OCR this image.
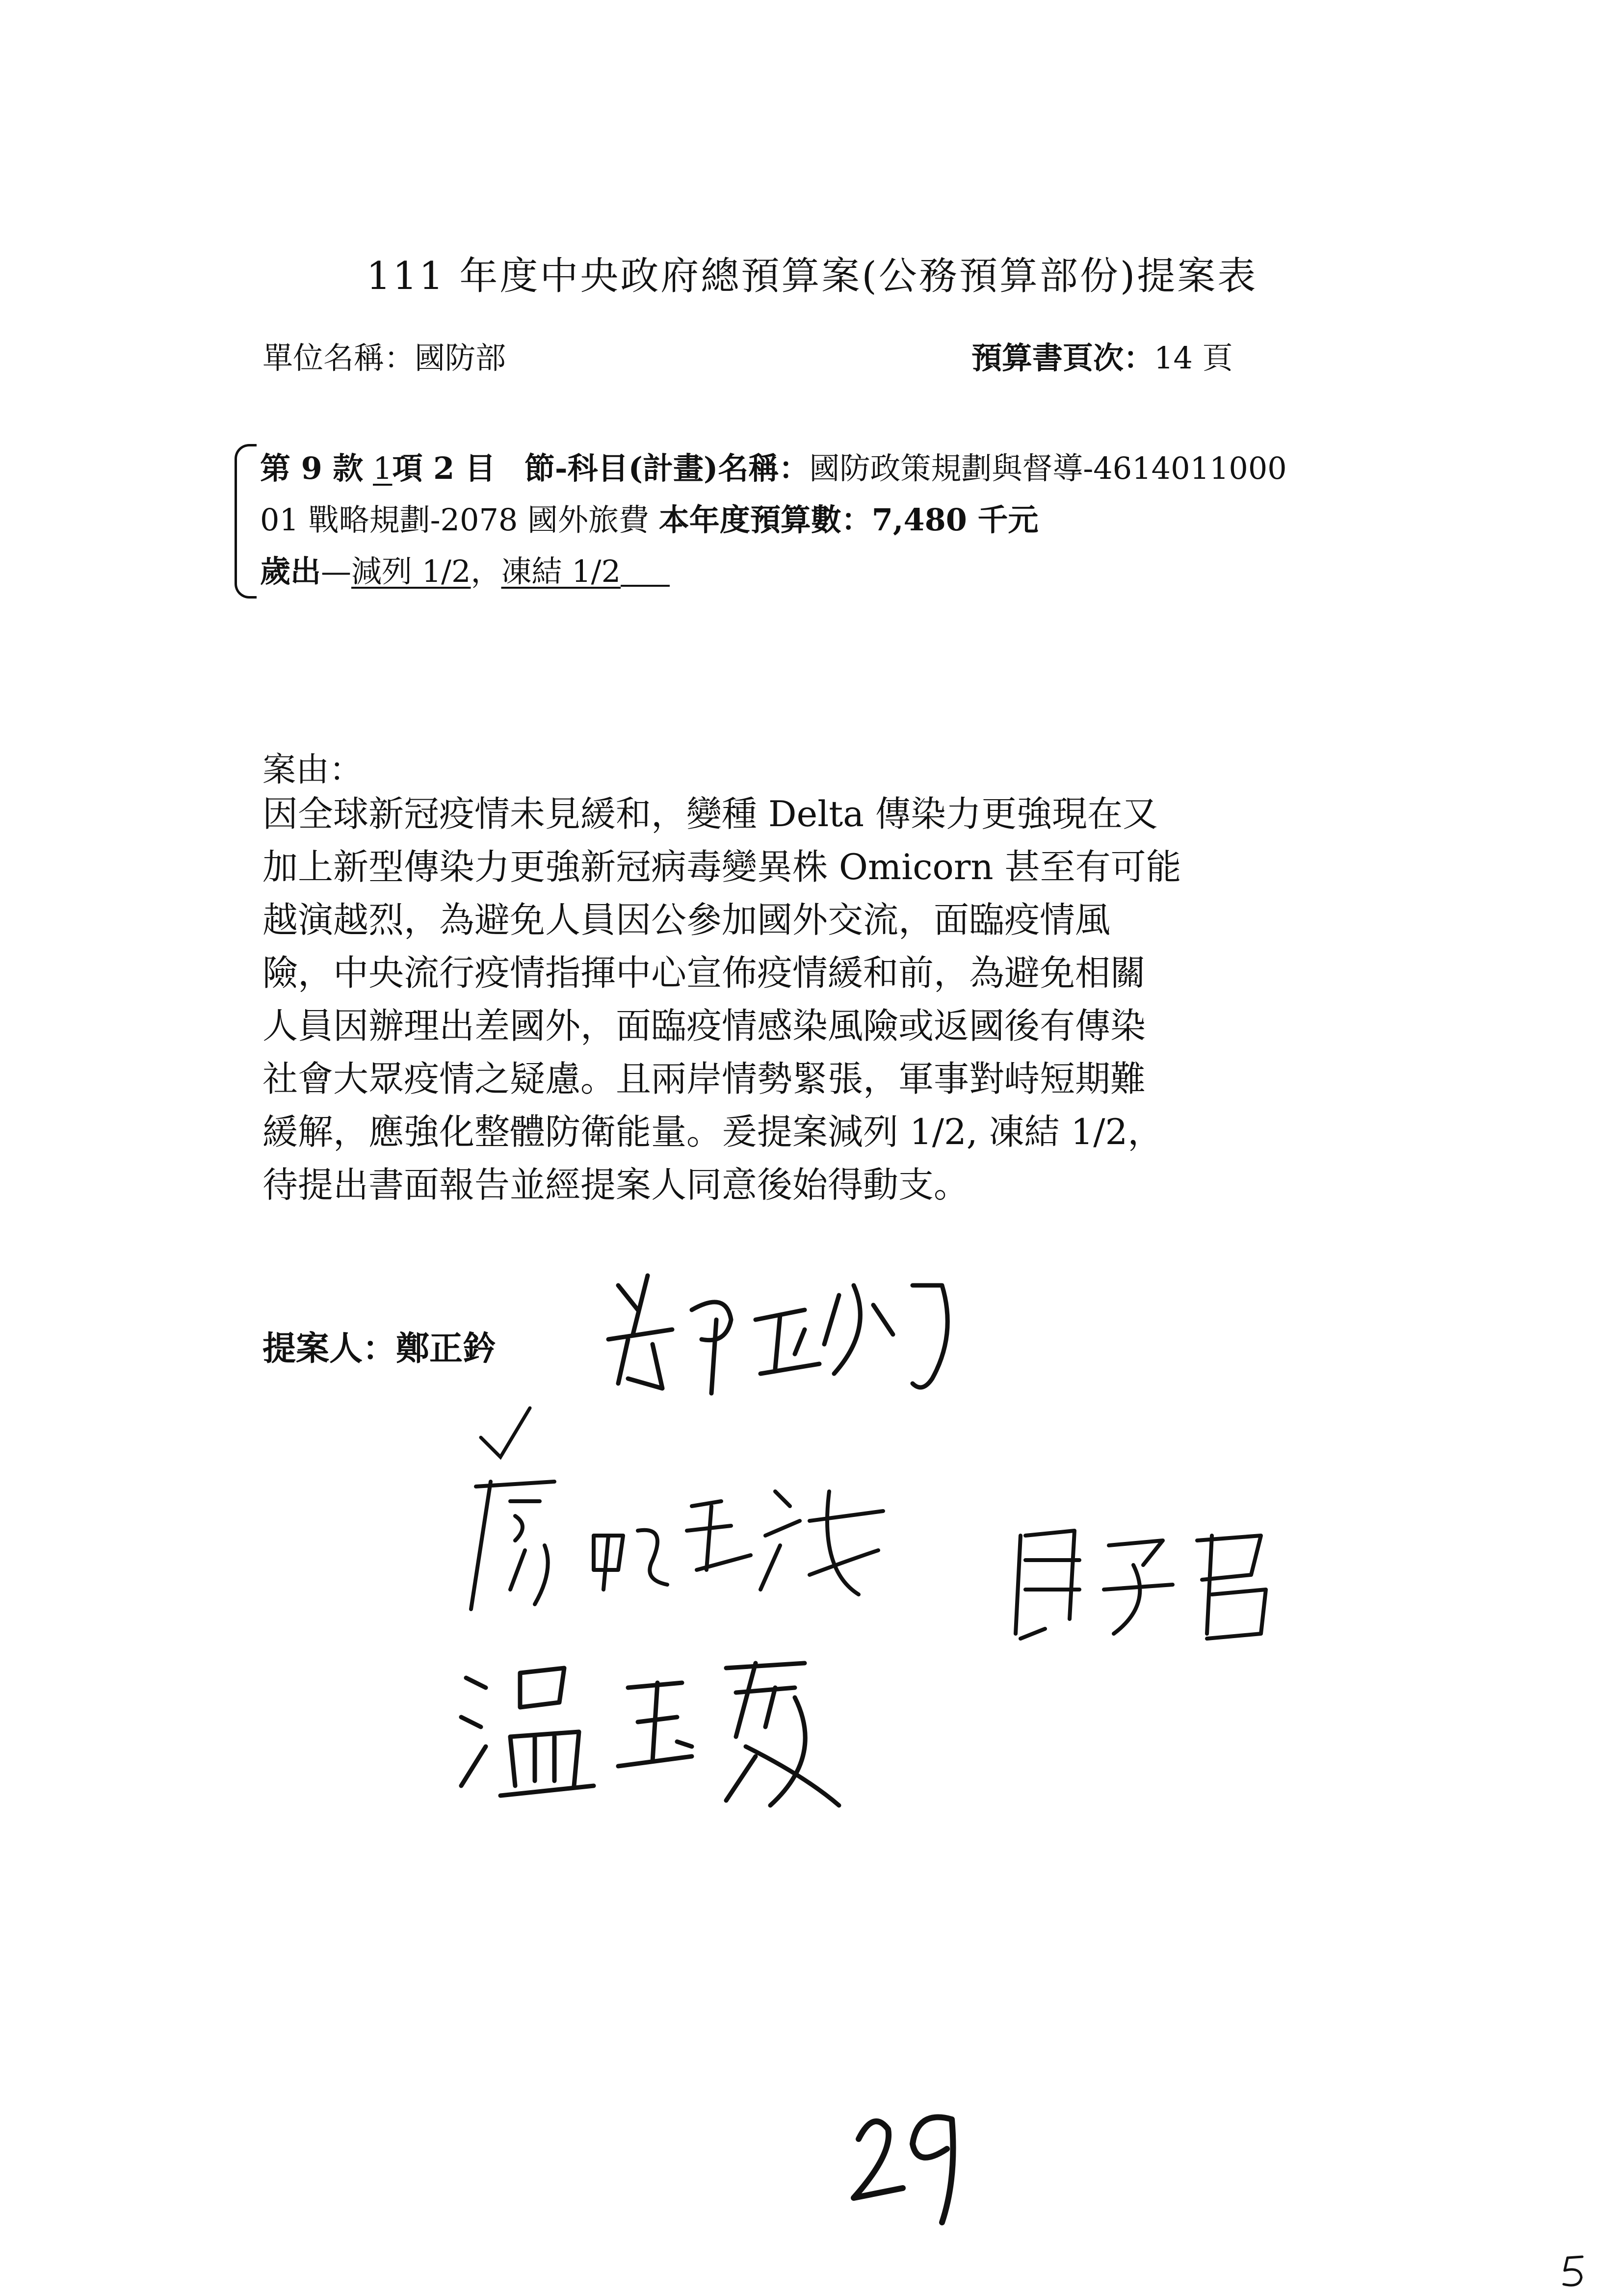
111 年度中央政府總預算案(公務預算部份)提案表
單位名稱：國防部	預算書頁次：14 頁
第 9 款 1項 2 目 節-科目(計畫)名稱：國防政策規劃與督導-4614011000
01 戰略規劃-2078 國外旅費 本年度預算數：7,480 千元
歲出—減列 1/2，凍結 1/2
案由：
因全球新冠疫情未見緩和，變種 Delta 傳染力更強現在又
加上新型傳染力更強新冠病毒變異株 Omicorn 甚至有可能
越演越烈，為避免人員因公參加國外交流，面臨疫情風
險，中央流行疫情指揮中心宣佈疫情緩和前，為避免相關
人員因辦理出差國外，面臨疫情感染風險或返國後有傳染
社會大眾疫情之疑慮。且兩岸情勢緊張，軍事對峙短期難
緩解，應強化整體防衛能量。爰提案減列 1/2, 凍結 1/2，
待提出書面報告並經提案人同意後始得動支。
提案人：鄭正鈐
